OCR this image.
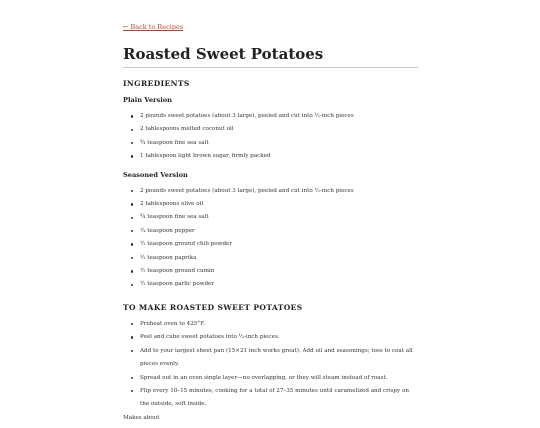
← Back to Recipes
Roasted Sweet Potatoes
INGREDIENTS
Plain Version
2 pounds sweet potatoes (about 3 large), peeled and cut into ½-inch pieces
2 tablespoons melted coconut oil
¾ teaspoon fine sea salt
1 tablespoon light brown sugar, firmly packed
Seasoned Version
2 pounds sweet potatoes (about 3 large), peeled and cut into ½-inch pieces
2 tablespoons olive oil
¾ teaspoon fine sea salt
¼ teaspoon pepper
½ teaspoon ground chili powder
½ teaspoon paprika
½ teaspoon ground cumin
½ teaspoon garlic powder
TO MAKE ROASTED SWEET POTATOES
Preheat oven to 425°F.
Peel and cube sweet potatoes into ½-inch pieces.
Add to your largest sheet pan (15×21 inch works great). Add oil and seasonings; toss to coat all pieces evenly.
Spread out in an even single layer—no overlapping, or they will steam instead of roast.
Flip every 10–15 minutes, cooking for a total of 27–35 minutes until caramelized and crispy on the outside, soft inside.

Makes about
